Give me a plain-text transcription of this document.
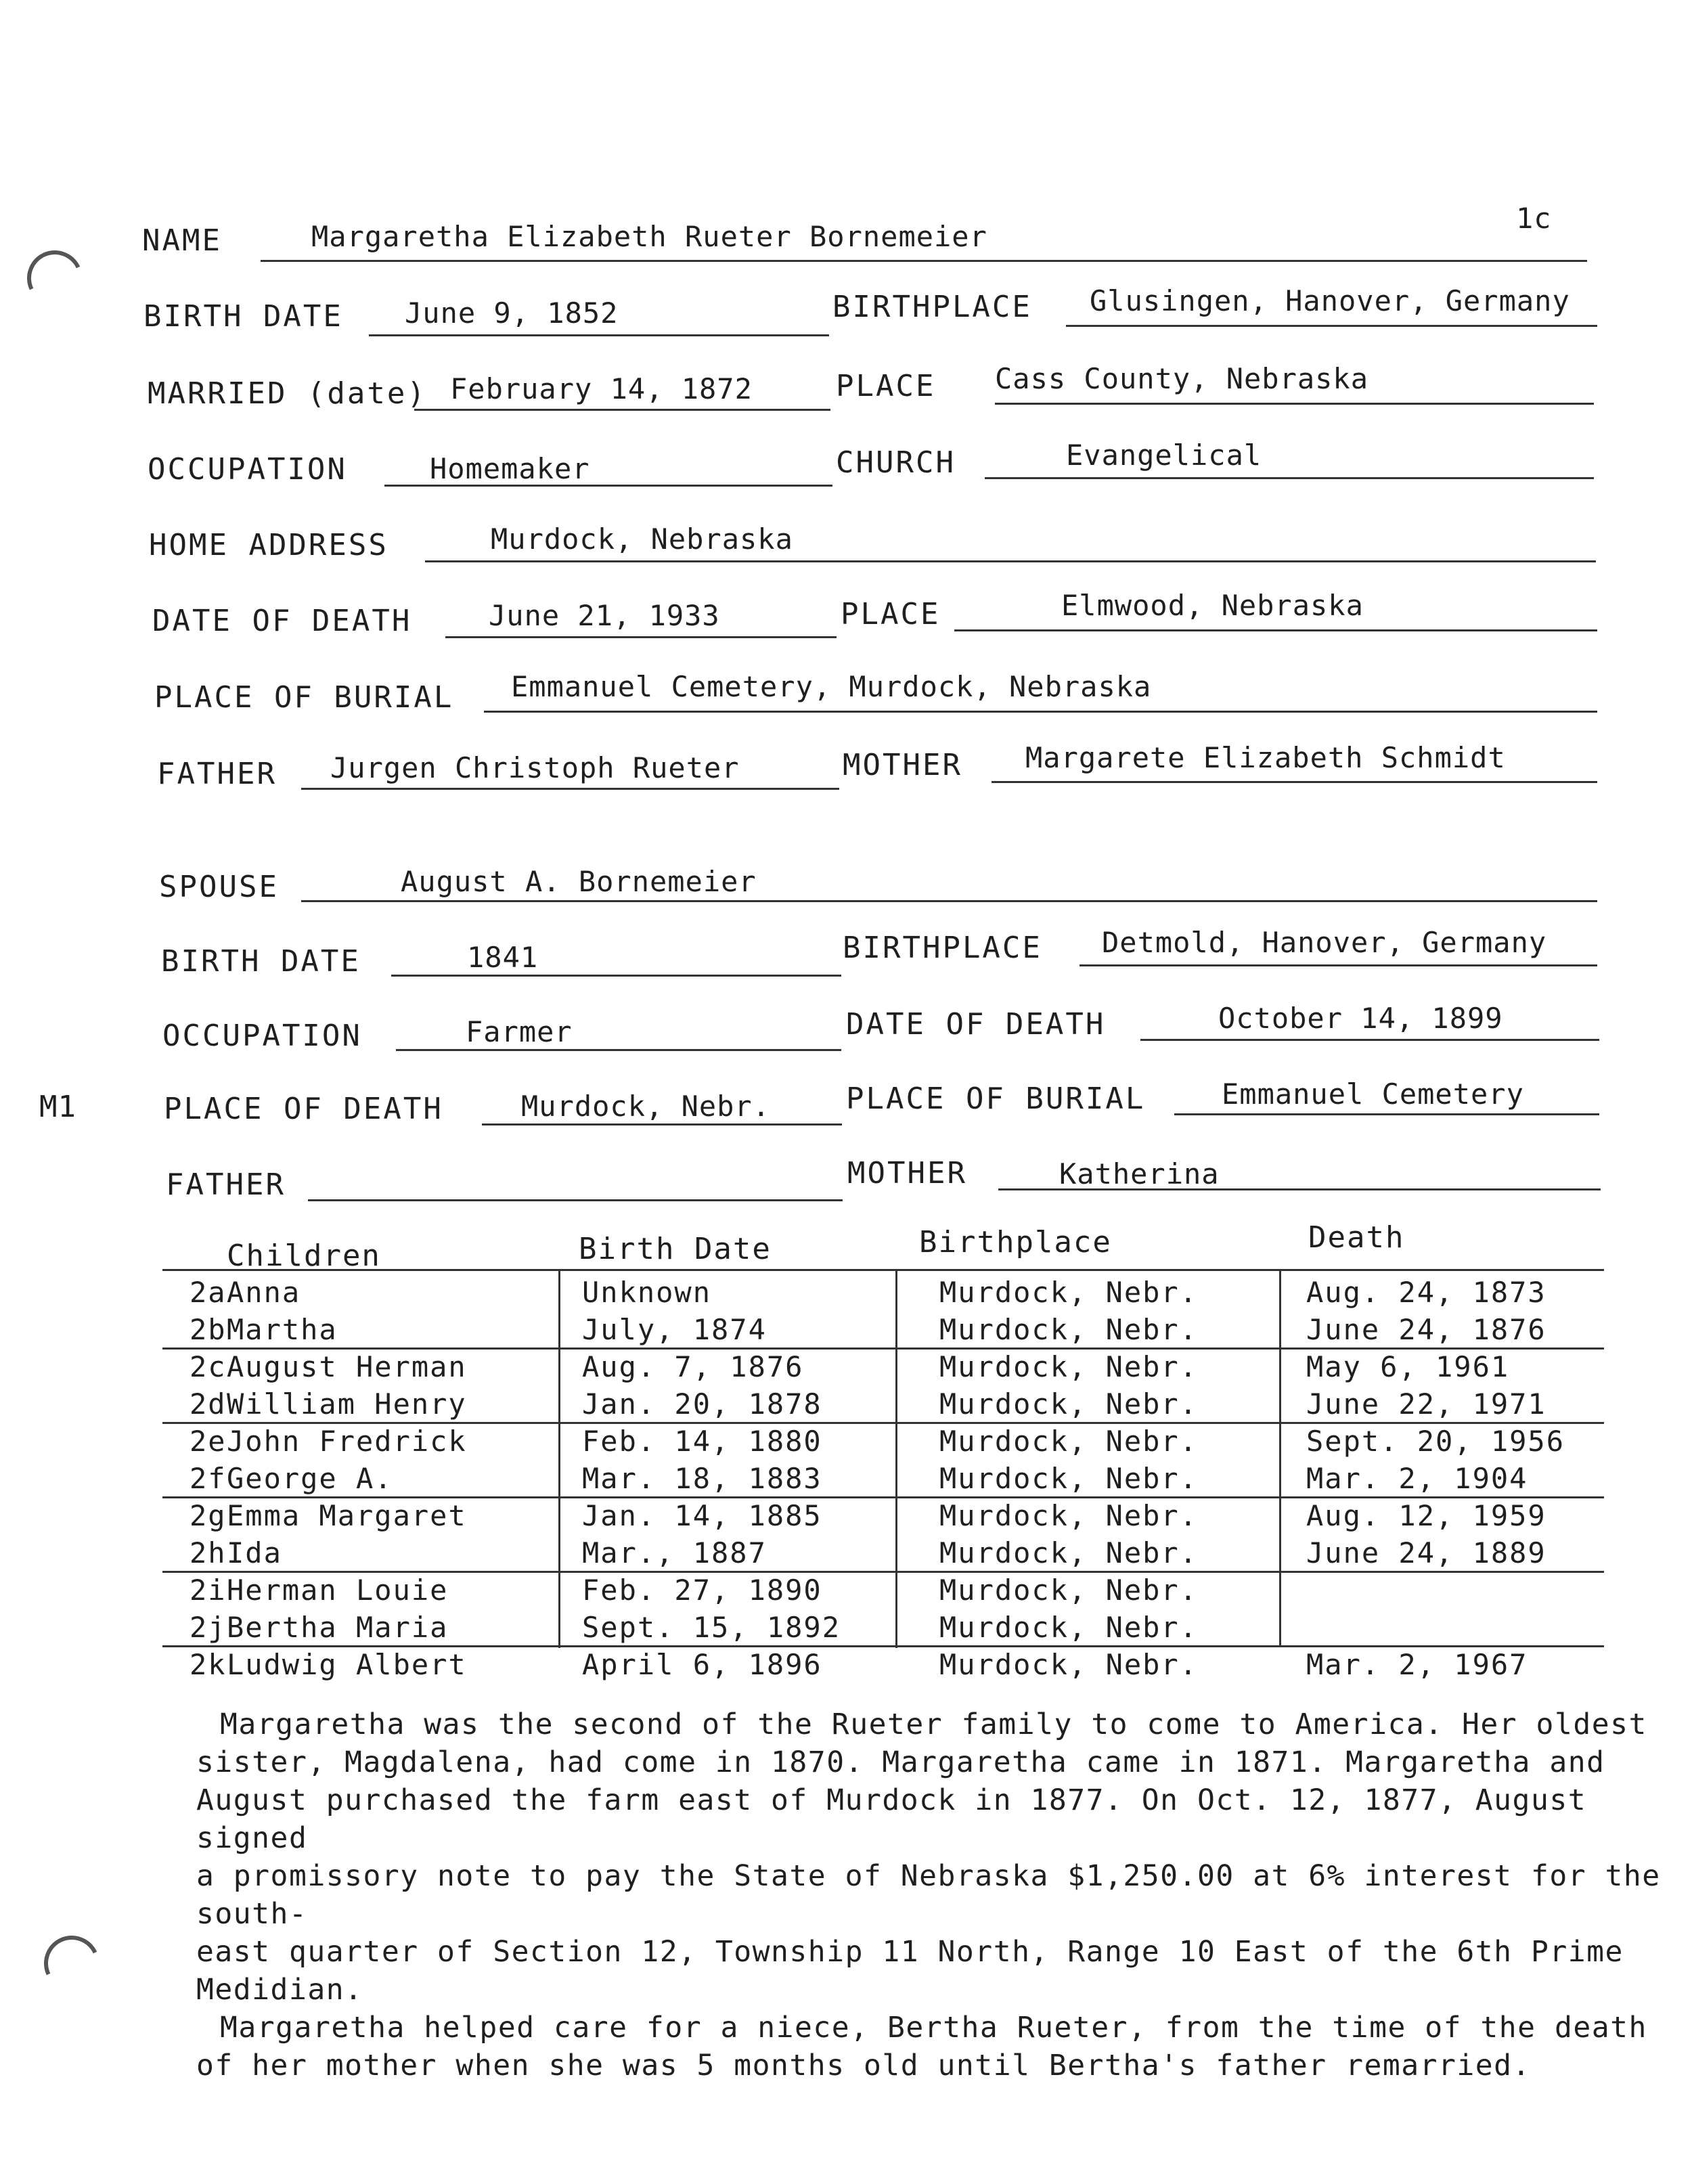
1c
M1
NAME	Margaretha Elizabeth Rueter Bornemeier
BIRTH DATE June 9, 1852	BIRTHPLACE Glusingen, Hanover, Germany
MARRIED (date) February 14, 1872	PLACE Cass County, Nebraska
OCCUPATION	Homemaker	CHURCH	Evangelical
HOME ADDRESS	Murdock, Nebraska
DATE OF DEATH	June 21, 1933	PLACE	Elmwood, Nebraska
PLACE OF BURIAL Emmanuel Cemetery, Murdock, Nebraska
FATHER Jurgen Christoph Rueter	MOTHER Margarete Elizabeth Schmidt
SPOUSE	August A. Bornemeier
BIRTH DATE	1841	BIRTHPLACE Detmold, Hanover, Germany
OCCUPATION	Farmer	DATE OF DEATH	October 14, 1899
PLACE OF DEATH	Murdock, Nebr.	PLACE OF BURIAL	Emmanuel Cemetery
FATHER	MOTHER	Katherina
Children	Birth Date	Birthplace	Death
2a Anna	Unknown	Murdock, Nebr.	Aug. 24, 1873
2b Martha	July, 1874	Murdock, Nebr.	June 24, 1876
2c August Herman	Aug. 7, 1876	Murdock, Nebr.	May 6, 1961
2d William Henry	Jan. 20, 1878	Murdock, Nebr.	June 22, 1971
2e John Fredrick	Feb. 14, 1880	Murdock, Nebr.	Sept. 20, 1956
2f George A.	Mar. 18, 1883	Murdock, Nebr.	Mar. 2, 1904
2g Emma Margaret	Jan. 14, 1885	Murdock, Nebr.	Aug. 12, 1959
2h Ida	Mar., 1887	Murdock, Nebr.	June 24, 1889
2i Herman Louie	Feb. 27, 1890	Murdock, Nebr.
2j Bertha Maria	Sept. 15, 1892	Murdock, Nebr.
2k Ludwig Albert	April 6, 1896	Murdock, Nebr.	Mar. 2, 1967

Margaretha was the second of the Rueter family to come to America. Her oldest

sister, Magdalena, had come in 1870. Margaretha came in 1871. Margaretha and

August purchased the farm east of Murdock in 1877. On Oct. 12, 1877, August signed

a promissory note to pay the State of Nebraska $1,250.00 at 6% interest for the south-

east quarter of Section 12, Township 11 North, Range 10 East of the 6th Prime Medidian.

Margaretha helped care for a niece, Bertha Rueter, from the time of the death

of her mother when she was 5 months old until Bertha's father remarried.
